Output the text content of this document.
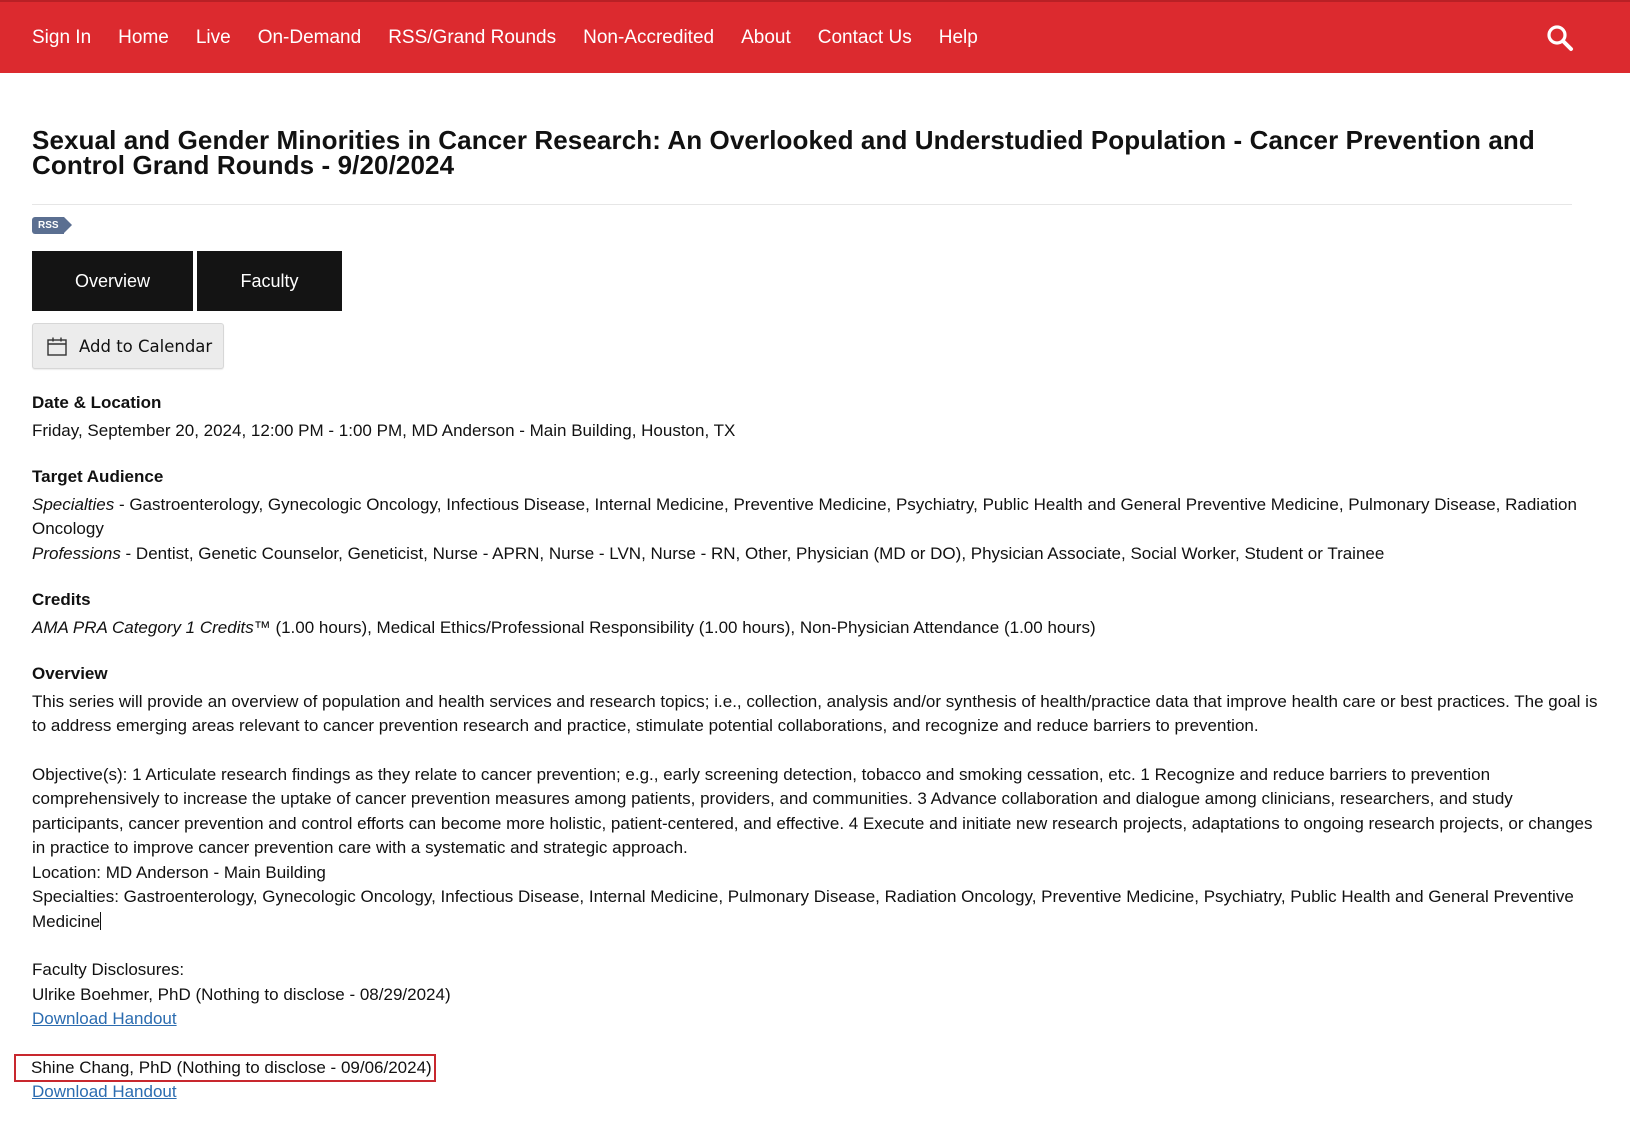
Sign In Home Live On-Demand RSS/Grand Rounds Non-Accredited About Contact Us Help
Sexual and Gender Minorities in Cancer Research: An Overlooked and Understudied Population - Cancer Prevention and
Control Grand Rounds - 9/20/2024
RSS
Overview	Faculty
Add to Calendar

Date & Location

Friday, September 20, 2024, 12:00 PM - 1:00 PM, MD Anderson - Main Building, Houston, TX

Target Audience

Specialties - Gastroenterology, Gynecologic Oncology, Infectious Disease, Internal Medicine, Preventive Medicine, Psychiatry, Public Health and General Preventive Medicine, Pulmonary Disease, Radiation Oncology

Professions - Dentist, Genetic Counselor, Geneticist, Nurse - APRN, Nurse - LVN, Nurse - RN, Other, Physician (MD or DO), Physician Associate, Social Worker, Student or Trainee

Credits

AMA PRA Category 1 Credits™ (1.00 hours), Medical Ethics/Professional Responsibility (1.00 hours), Non-Physician Attendance (1.00 hours)

Overview

This series will provide an overview of population and health services and research topics; i.e., collection, analysis and/or synthesis of health/practice data that improve health care or best practices. The goal is to address emerging areas relevant to cancer prevention research and practice, stimulate potential collaborations, and recognize and reduce barriers to prevention.

Objective(s): 1 Articulate research findings as they relate to cancer prevention; e.g., early screening detection, tobacco and smoking cessation, etc. 1 Recognize and reduce barriers to prevention comprehensively to increase the uptake of cancer prevention measures among patients, providers, and communities. 3 Advance collaboration and dialogue among clinicians, researchers, and study participants, cancer prevention and control efforts can become more holistic, patient-centered, and effective. 4 Execute and initiate new research projects, adaptations to ongoing research projects, or changes in practice to improve cancer prevention care with a systematic and strategic approach.

Location: MD Anderson - Main Building

Specialties: Gastroenterology, Gynecologic Oncology, Infectious Disease, Internal Medicine, Pulmonary Disease, Radiation Oncology, Preventive Medicine, Psychiatry, Public Health and General Preventive Medicine

Faculty Disclosures:

Ulrike Boehmer, PhD (Nothing to disclose - 08/29/2024)

Download Handout

Shine Chang, PhD (Nothing to disclose - 09/06/2024)

Download Handout
